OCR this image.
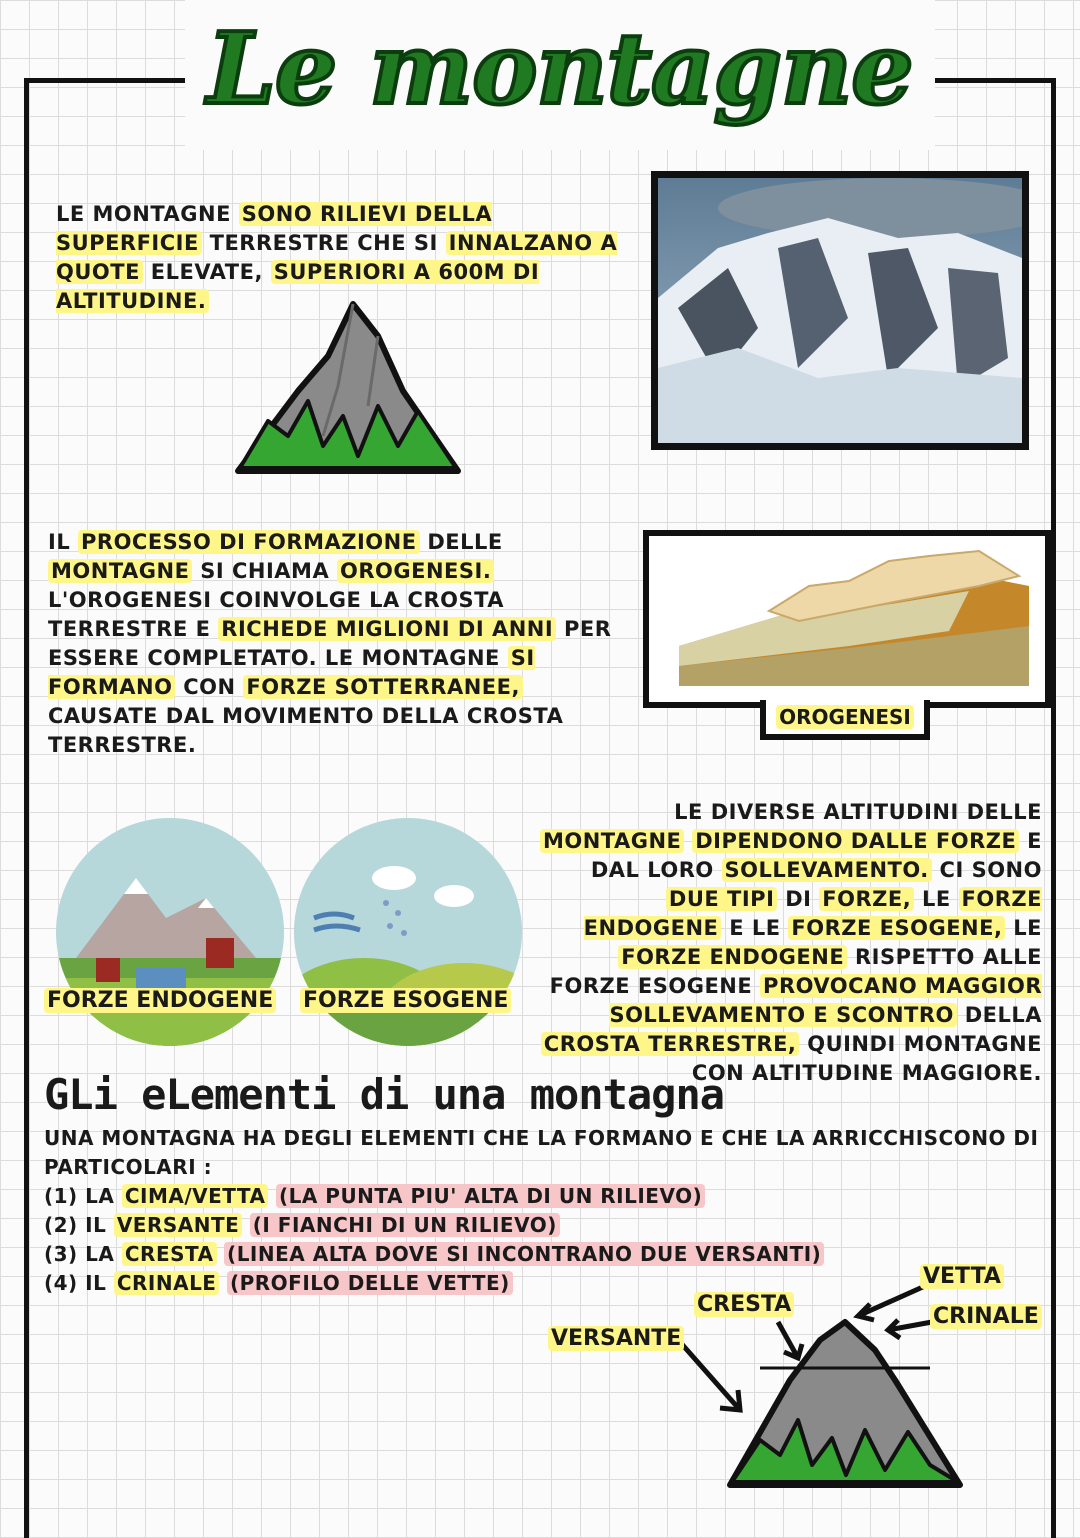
Le montagne
LE MONTAGNE SONO RILIEVI DELLA SUPERFICIE TERRESTRE CHE SI INNALZANO A QUOTE ELEVATE, SUPERIORI A 600M DI ALTITUDINE.
IL PROCESSO DI FORMAZIONE DELLE MONTAGNE SI CHIAMA OROGENESI. L'OROGENESI COINVOLGE LA CROSTA TERRESTRE E RICHEDE MIGLIONI DI ANNI PER ESSERE COMPLETATO. LE MONTAGNE SI FORMANO CON FORZE SOTTERRANEE, CAUSATE DAL MOVIMENTO DELLA CROSTA TERRESTRE.
OROGENESI
FORZE ENDOGENE FORZE ESOGENE
LE DIVERSE ALTITUDINI DELLE MONTAGNE DIPENDONO DALLE FORZE E DAL LORO SOLLEVAMENTO. CI SONO DUE TIPI DI FORZE, LE FORZE ENDOGENE E LE FORZE ESOGENE, LE FORZE ENDOGENE RISPETTO ALLE FORZE ESOGENE PROVOCANO MAGGIOR SOLLEVAMENTO E SCONTRO DELLA CROSTA TERRESTRE, QUINDI MONTAGNE CON ALTITUDINE MAGGIORE.
GLi eLementi di una montagna
UNA MONTAGNA HA DEGLI ELEMENTI CHE LA FORMANO E CHE LA ARRICCHISCONO DI PARTICOLARI :
(1) LA CIMA/VETTA (LA PUNTA PIU' ALTA DI UN RILIEVO)
(2) IL VERSANTE (I FIANCHI DI UN RILIEVO)
(3) LA CRESTA (LINEA ALTA DOVE SI INCONTRANO DUE VERSANTI)
(4) IL CRINALE (PROFILO DELLE VETTE)	VETTA
CRESTA	CRINALE
VERSANTE
